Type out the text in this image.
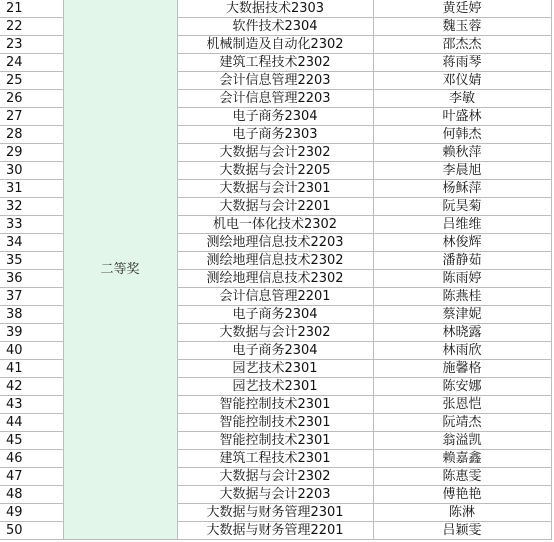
21	二等奖	大数据技术2303	黄廷婷
22		软件技术2304	魏玉蓉
23		机械制造及自动化2302	邵杰杰
24		建筑工程技术2302	蒋雨琴
25		会计信息管理2203	邓仪婧
26		会计信息管理2203	李敏
27		电子商务2304	叶盛林
28		电子商务2303	何韩杰
29		大数据与会计2302	赖秋萍
30		大数据与会计2205	李晨旭
31		大数据与会计2301	杨稣萍
32		大数据与会计2201	阮昊菊
33		机电一体化技术2302	吕维维
34		测绘地理信息技术2203	林俊辉
35		测绘地理信息技术2302	潘静茹
36		测绘地理信息技术2302	陈雨婷
37		会计信息管理2201	陈燕桂
38		电子商务2304	蔡津妮
39		大数据与会计2302	林晓露
40		电子商务2304	林雨欣
41		园艺技术2301	施馨格
42		园艺技术2301	陈安娜
43		智能控制技术2301	张恩恺
44		智能控制技术2301	阮靖杰
45		智能控制技术2301	翁溢凯
46		建筑工程技术2301	赖嘉鑫
47		大数据与会计2302	陈惠雯
48		大数据与会计2203	傅艳艳
49		大数据与财务管理2301	陈淋
50		大数据与财务管理2201	吕颖雯
